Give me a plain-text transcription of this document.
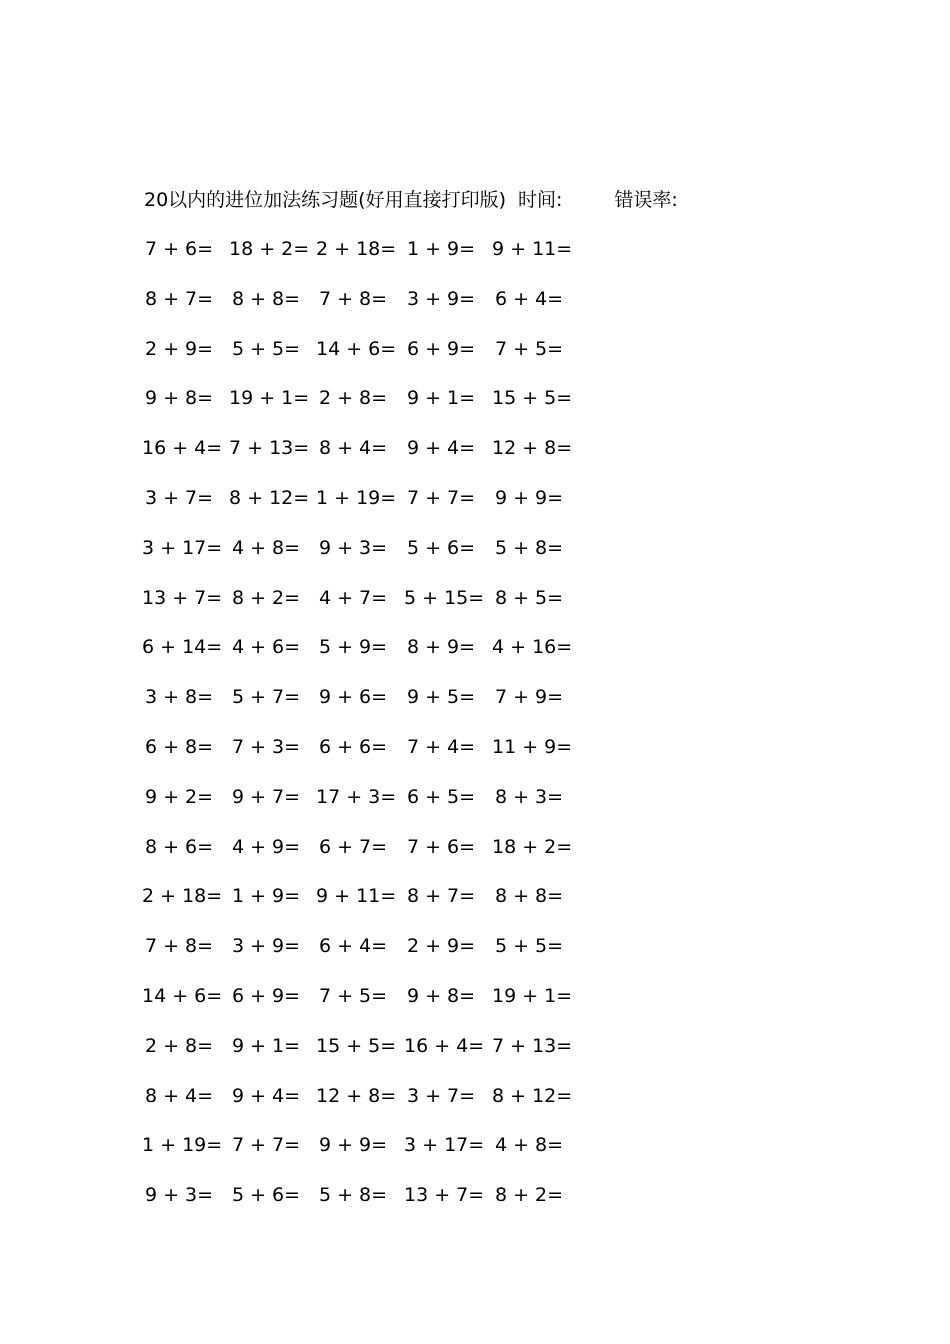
20以内的进位加法练习题(好用直接打印版) 时间:	错误率:
7 + 6= 18 + 2= 2 + 18= 1 + 9= 9 + 11=
8 + 7= 8 + 8= 7 + 8= 3 + 9= 6 + 4=
2 + 9= 5 + 5= 14 + 6= 6 + 9= 7 + 5=
9 + 8= 19 + 1= 2 + 8= 9 + 1= 15 + 5=
16 + 4= 7 + 13= 8 + 4= 9 + 4= 12 + 8=
3 + 7= 8 + 12= 1 + 19= 7 + 7= 9 + 9=
3 + 17= 4 + 8= 9 + 3= 5 + 6= 5 + 8=
13 + 7= 8 + 2= 4 + 7= 5 + 15= 8 + 5=
6 + 14= 4 + 6= 5 + 9= 8 + 9= 4 + 16=
3 + 8= 5 + 7= 9 + 6= 9 + 5= 7 + 9=
6 + 8= 7 + 3= 6 + 6= 7 + 4= 11 + 9=
9 + 2= 9 + 7= 17 + 3= 6 + 5= 8 + 3=
8 + 6= 4 + 9= 6 + 7= 7 + 6= 18 + 2=
2 + 18= 1 + 9= 9 + 11= 8 + 7= 8 + 8=
7 + 8= 3 + 9= 6 + 4= 2 + 9= 5 + 5=
14 + 6= 6 + 9= 7 + 5= 9 + 8= 19 + 1=
2 + 8= 9 + 1= 15 + 5= 16 + 4= 7 + 13=
8 + 4= 9 + 4= 12 + 8= 3 + 7= 8 + 12=
1 + 19= 7 + 7= 9 + 9= 3 + 17= 4 + 8=
9 + 3= 5 + 6= 5 + 8= 13 + 7= 8 + 2=
